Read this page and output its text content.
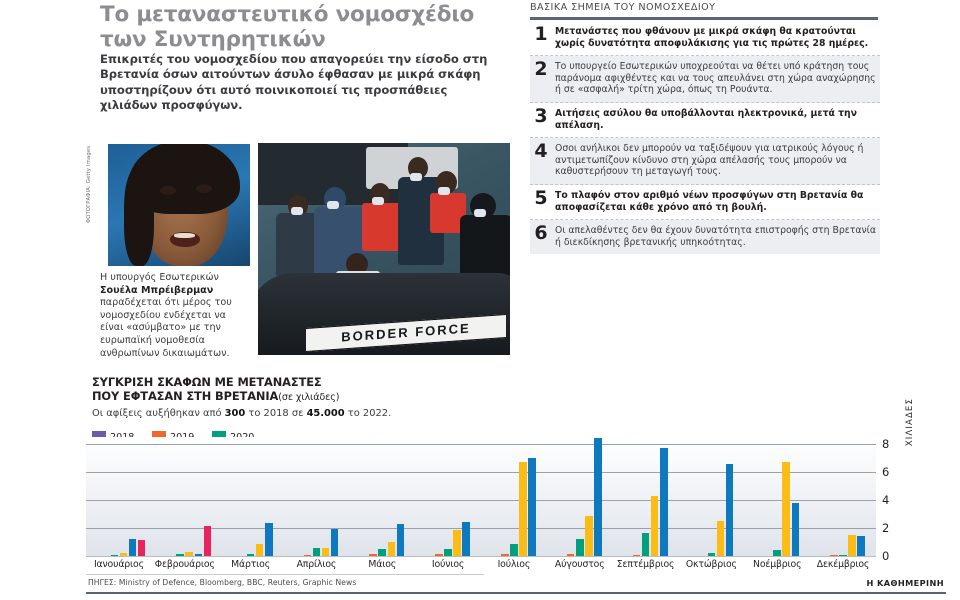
Το μεταναστευτικό νομοσχέδιο
των Συντηρητικών
Επικριτές του νομοσχεδίου που απαγορεύει την είσοδο στη Βρετανία όσων αιτούντων άσυλο έφθασαν με μικρά σκάφη υποστηρίζουν ότι αυτό ποινικοποιεί τις προσπάθειες χιλιάδων προσφύγων.
ΦΩΤΟΓΡΑΦΙΑ: Getty Images
BORDER FORCE
Η υπουργός Εσωτερικών Σουέλα Μπρέιβερμαν παραδέχεται ότι μέρος του νομοσχεδίου ενδέχεται να είναι «ασύμβατο» με την ευρωπαϊκή νομοθεσία ανθρωπίνων δικαιωμάτων.
ΣΥΓΚΡΙΣΗ ΣΚΑΦΩΝ ΜΕ ΜΕΤΑΝΑΣΤΕΣ
ΠΟΥ ΕΦΤΑΣΑΝ ΣΤΗ ΒΡΕΤΑΝΙΑ(σε χιλιάδες)
Οι αφίξεις αυξήθηκαν από 300 το 2018 σε 45.000 το 2022.
Ιανουάριος	Φεβρουάριος	Μάρτιος	Απρίλιος	Μάιος	Ιούνιος	Ιούλιος	Αύγουστος	Σεπτέμβριος	Οκτώβριος	Νοέμβριος	Δεκέμβριος
0
2
4
6
8 ΧΙΛΙΑΔΕΣ
ΠΗΓΕΣ: Ministry of Defence, Bloomberg, BBC, Reuters, Graphic News	Η ΚΑΘΗΜΕΡΙΝΗ
ΒΑΣΙΚΑ ΣΗΜΕΙΑ ΤΟΥ ΝΟΜΟΣΧΕΔΙΟΥ
1 Μετανάστες που φθάνουν με μικρά σκάφη θα κρατούνται χωρίς δυνατότητα αποφυλάκισης για τις πρώτες 28 ημέρες.
2 Το υπουργείο Εσωτερικών υποχρεούται να θέτει υπό κράτηση τους παράνομα αφιχθέντες και να τους απευλάνει στη χώρα αναχώρησης ή σε «ασφαλή» τρίτη χώρα, όπως τη Ρουάντα.
3 Αιτήσεις ασύλου θα υποβάλλονται ηλεκτρονικά, μετά την απέλαση.
4 Οσοι ανήλικοι δεν μπορούν να ταξιδέψουν για ιατρικούς λόγους ή αντιμετωπίζουν κίνδυνο στη χώρα απέλασής τους μπορούν να καθυστερήσουν τη μεταγωγή τους.
5 Το πλαφόν στον αριθμό νέων προσφύγων στη Βρετανία θα αποφασίζεται κάθε χρόνο από τη βουλή.
6 Οι απελαθέντες δεν θα έχουν δυνατότητα επιστροφής στη Βρετανία ή διεκδίκησης βρετανικής υπηκοότητας.
